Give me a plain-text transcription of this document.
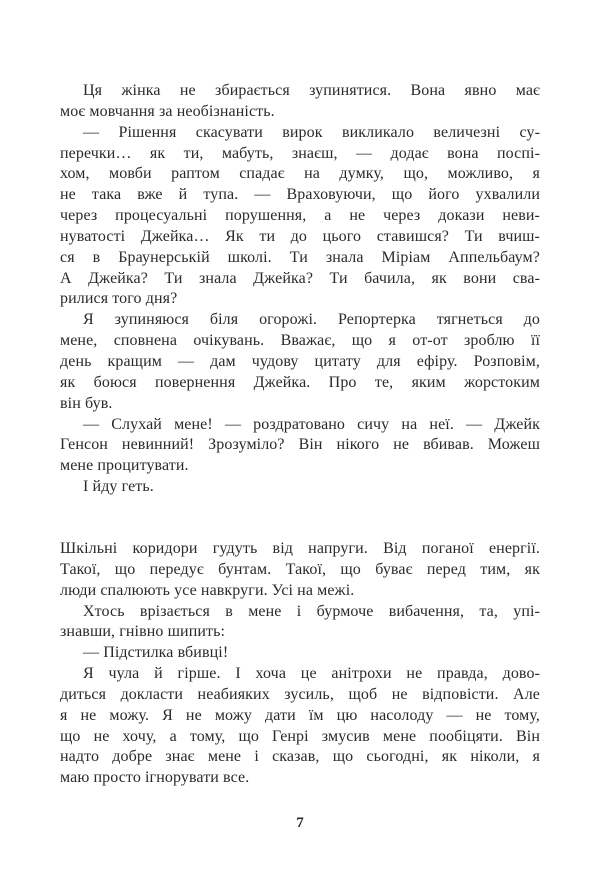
Ця жінка не збирається зупинятися. Вона явно має
моє мовчання за необізнаність.
— Рішення скасувати вирок викликало величезні су-
перечки… як ти, мабуть, знаєш, — додає вона поспі-
хом, мовби раптом спадає на думку, що, можливо, я
не така вже й тупа. — Враховуючи, що його ухвалили
через процесуальні порушення, а не через докази неви-
нуватості Джейка… Як ти до цього ставишся? Ти вчиш-
ся в Браунерській школі. Ти знала Міріам Аппельбаум?
А Джейка? Ти знала Джейка? Ти бачила, як вони сва-
рилися того дня?
Я зупиняюся біля огорожі. Репортерка тягнеться до
мене, сповнена очікувань. Вважає, що я от-от зроблю її
день кращим — дам чудову цитату для ефіру. Розповім,
як боюся повернення Джейка. Про те, яким жорстоким
він був.
— Слухай мене! — роздратовано сичу на неї. — Джейк
Генсон невинний! Зрозуміло? Він нікого не вбивав. Можеш
мене процитувати.
І йду геть.
Шкільні коридори гудуть від напруги. Від поганої енергії.
Такої, що передує бунтам. Такої, що буває перед тим, як
люди спалюють усе навкруги. Усі на межі.
Хтось врізається в мене і бурмоче вибачення, та, упі-
знавши, гнівно шипить:
— Підстилка вбивці!
Я чула й гірше. І хоча це анітрохи не правда, дово-
диться докласти неабияких зусиль, щоб не відповісти. Але
я не можу. Я не можу дати їм цю насолоду — не тому,
що не хочу, а тому, що Генрі змусив мене пообіцяти. Він
надто добре знає мене і сказав, що сьогодні, як ніколи, я
маю просто ігнорувати все.
7
